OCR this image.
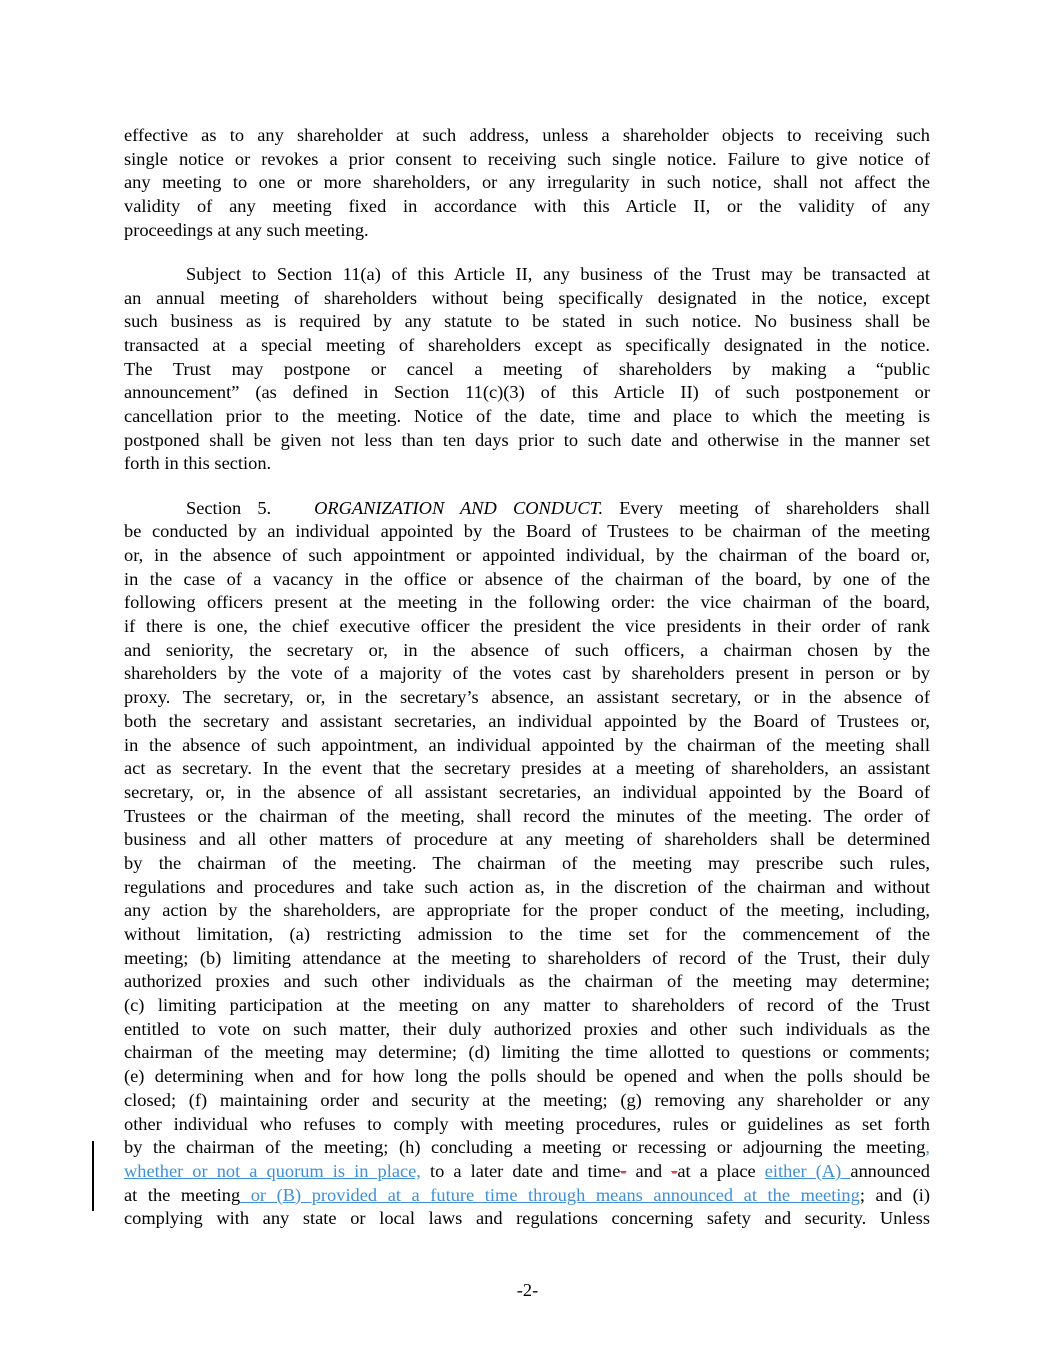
effective as to any shareholder at such address, unless a shareholder objects to receiving such
single notice or revokes a prior consent to receiving such single notice. Failure to give notice of
any meeting to one or more shareholders, or any irregularity in such notice, shall not affect the
validity of any meeting fixed in accordance with this Article II, or the validity of any
proceedings at any such meeting.
Subject to Section 11(a) of this Article II, any business of the Trust may be transacted at
an annual meeting of shareholders without being specifically designated in the notice, except
such business as is required by any statute to be stated in such notice. No business shall be
transacted at a special meeting of shareholders except as specifically designated in the notice.
The Trust may postpone or cancel a meeting of shareholders by making a “public
announcement” (as defined in Section 11(c)(3) of this Article II) of such postponement or
cancellation prior to the meeting. Notice of the date, time and place to which the meeting is
postponed shall be given not less than ten days prior to such date and otherwise in the manner set
forth in this section.
Section 5. ORGANIZATION AND CONDUCT. Every meeting of shareholders shall
be conducted by an individual appointed by the Board of Trustees to be chairman of the meeting
or, in the absence of such appointment or appointed individual, by the chairman of the board or,
in the case of a vacancy in the office or absence of the chairman of the board, by one of the
following officers present at the meeting in the following order: the vice chairman of the board,
if there is one, the chief executive officer the president the vice presidents in their order of rank
and seniority, the secretary or, in the absence of such officers, a chairman chosen by the
shareholders by the vote of a majority of the votes cast by shareholders present in person or by
proxy. The secretary, or, in the secretary’s absence, an assistant secretary, or in the absence of
both the secretary and assistant secretaries, an individual appointed by the Board of Trustees or,
in the absence of such appointment, an individual appointed by the chairman of the meeting shall
act as secretary. In the event that the secretary presides at a meeting of shareholders, an assistant
secretary, or, in the absence of all assistant secretaries, an individual appointed by the Board of
Trustees or the chairman of the meeting, shall record the minutes of the meeting. The order of
business and all other matters of procedure at any meeting of shareholders shall be determined
by the chairman of the meeting. The chairman of the meeting may prescribe such rules,
regulations and procedures and take such action as, in the discretion of the chairman and without
any action by the shareholders, are appropriate for the proper conduct of the meeting, including,
without limitation, (a) restricting admission to the time set for the commencement of the
meeting; (b) limiting attendance at the meeting to shareholders of record of the Trust, their duly
authorized proxies and such other individuals as the chairman of the meeting may determine;
(c) limiting participation at the meeting on any matter to shareholders of record of the Trust
entitled to vote on such matter, their duly authorized proxies and other such individuals as the
chairman of the meeting may determine; (d) limiting the time allotted to questions or comments;
(e) determining when and for how long the polls should be opened and when the polls should be
closed; (f) maintaining order and security at the meeting; (g) removing any shareholder or any
other individual who refuses to comply with meeting procedures, rules or guidelines as set forth
by the chairman of the meeting; (h) concluding a meeting or recessing or adjourning the meeting,
whether or not a quorum is in place, to a later date and time- and -at a place either (A) announced
at the meeting or (B) provided at a future time through means announced at the meeting; and (i)
complying with any state or local laws and regulations concerning safety and security. Unless
-2-
